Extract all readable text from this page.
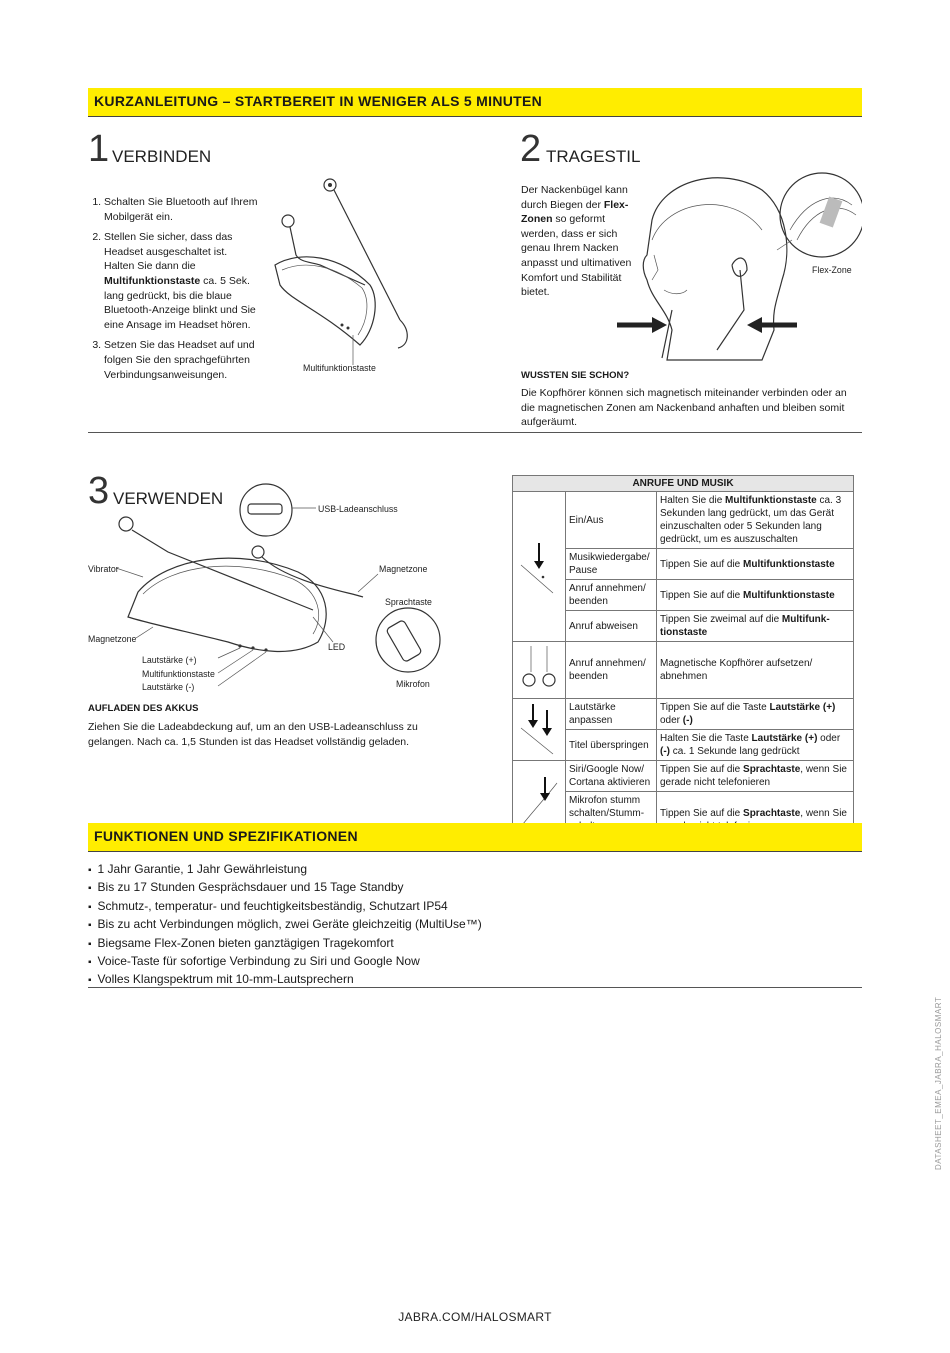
KURZANLEITUNG – STARTBEREIT IN WENIGER ALS 5 MINUTEN
1 VERBINDEN
1. Schalten Sie Bluetooth auf Ihrem Mobilgerät ein.
2. Stellen Sie sicher, dass das Headset ausgeschaltet ist. Halten Sie dann die Multifunktionstaste ca. 5 Sek. lang gedrückt, bis die blaue Bluetooth-Anzeige blinkt und Sie eine Ansage im Headset hören.
3. Setzen Sie das Headset auf und folgen Sie den sprachgeführten Verbindungsanweisungen.
Multifunktionstaste
2 TRAGESTIL
Der Nackenbügel kann durch Biegen der Flex-Zonen so geformt werden, dass er sich genau Ihrem Nacken anpasst und ultimativen Komfort und Stabilität bietet.
Flex-Zone
WUSSTEN SIE SCHON?
Die Kopfhörer können sich magnetisch miteinander verbinden oder an die magnetischen Zonen am Nackenband anhaften und bleiben somit aufgeräumt.
3 VERWENDEN
USB-Ladeanschluss
Vibrator	Magnetzone
Sprachtaste
Magnetzone
LED
Lautstärke (+)
Multifunktionstaste
Lautstärke (-)	Mikrofon
AUFLADEN DES AKKUS
Ziehen Sie die Ladeabdeckung auf, um an den USB-Ladeanschluss zu gelangen. Nach ca. 1,5 Stunden ist das Headset vollständig geladen.
ANRUFE UND MUSIK		
	Ein/Aus	Halten Sie die Multifunktionstaste ca. 3 Sekunden lang gedrückt, um das Gerät einzuschalten oder 5 Sekunden lang gedrückt, um es auszuschalten
	Musikwiedergabe/ Pause	Tippen Sie auf die Multifunktionstaste
	Anruf annehmen/ beenden	Tippen Sie auf die Multifunktionstaste
	Anruf abweisen	Tippen Sie zweimal auf die Multifunk-tionstaste
	Anruf annehmen/ beenden	Magnetische Kopfhörer aufsetzen/ abnehmen
	Lautstärke anpassen	Tippen Sie auf die Taste Lautstärke (+) oder (-)
	Titel überspringen	Halten Sie die Taste Lautstärke (+) oder (-) ca. 1 Sekunde lang gedrückt
	Siri/Google Now/ Cortana aktivieren	Tippen Sie auf die Sprachtaste, wenn Sie gerade nicht telefonieren
	Mikrofon stumm schalten/Stumm-	Tippen Sie auf die Sprachtaste, wenn Sie
FUNKTIONEN UND SPEZIFIKATIONEN
▪ 1 Jahr Garantie, 1 Jahr Gewährleistung
▪ Bis zu 17 Stunden Gesprächsdauer und 15 Tage Standby
▪ Schmutz-, temperatur- und feuchtigkeitsbeständig, Schutzart IP54
▪ Bis zu acht Verbindungen möglich, zwei Geräte gleichzeitig (MultiUse™)
▪ Biegsame Flex-Zonen bieten ganztägigen Tragekomfort
▪ Voice-Taste für sofortige Verbindung zu Siri und Google Now
▪ Volles Klangspektrum mit 10-mm-Lautsprechern
DATASHEET_EMEA_JABRA_HALOSMART
JABRA.COM/HALOSMART
